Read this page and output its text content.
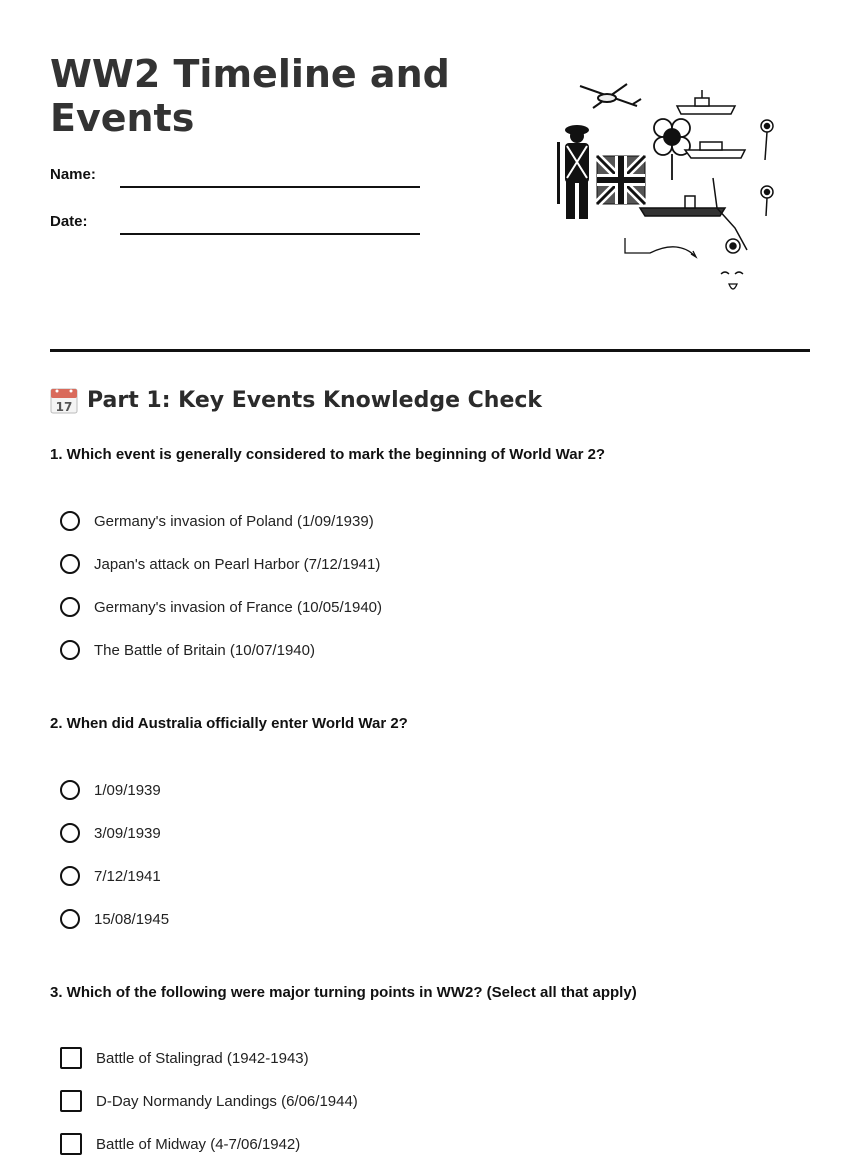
WW2 Timeline and Events
Name:
Date:
17 Part 1: Key Events Knowledge Check
1. Which event is generally considered to mark the beginning of World War 2?
Germany's invasion of Poland (1/09/1939)
Japan's attack on Pearl Harbor (7/12/1941)
Germany's invasion of France (10/05/1940)
The Battle of Britain (10/07/1940)
2. When did Australia officially enter World War 2?
1/09/1939
3/09/1939
7/12/1941
15/08/1945
3. Which of the following were major turning points in WW2? (Select all that apply)
Battle of Stalingrad (1942-1943)
D-Day Normandy Landings (6/06/1944)
Battle of Midway (4-7/06/1942)
